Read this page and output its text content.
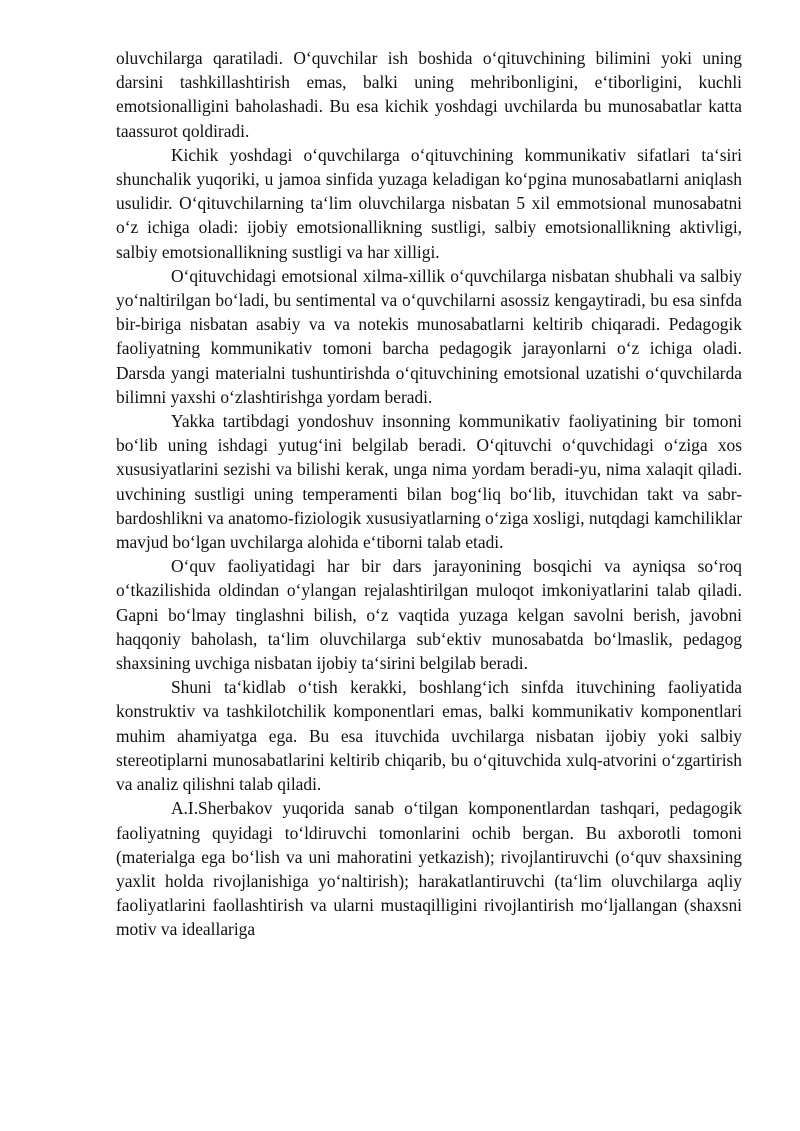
oluvchilarga qaratiladi. O‘quvchilar ish boshida o‘qituvchining bilimini yoki uning darsini tashkillashtirish emas, balki uning mehribonligini, e‘tiborligini, kuchli emotsionalligini baholashadi. Bu esa kichik yoshdagi uvchilarda bu munosabatlar katta taassurot qoldiradi.

Kichik yoshdagi o‘quvchilarga o‘qituvchining kommunikativ sifatlari ta‘siri shunchalik yuqoriki, u jamoa sinfida yuzaga keladigan ko‘pgina munosabatlarni aniqlash usulidir. O‘qituvchilarning ta‘lim oluvchilarga nisbatan 5 xil emmotsional munosabatni o‘z ichiga oladi: ijobiy emotsionallikning sustligi, salbiy emotsionallikning aktivligi, salbiy emotsionallikning sustligi va har xilligi.

O‘qituvchidagi emotsional xilma-xillik o‘quvchilarga nisbatan shubhali va salbiy yo‘naltirilgan bo‘ladi, bu sentimental va o‘quvchilarni asossiz kengaytiradi, bu esa sinfda bir-biriga nisbatan asabiy va va notekis munosabatlarni keltirib chiqaradi. Pedagogik faoliyatning kommunikativ tomoni barcha pedagogik jarayonlarni o‘z ichiga oladi. Darsda yangi materialni tushuntirishda o‘qituvchining emotsional uzatishi o‘quvchilarda bilimni yaxshi o‘zlashtirishga yordam beradi.

Yakka tartibdagi yondoshuv insonning kommunikativ faoliyatining bir tomoni bo‘lib uning ishdagi yutug‘ini belgilab beradi. O‘qituvchi o‘quvchidagi o‘ziga xos xususiyatlarini sezishi va bilishi kerak, unga nima yordam beradi-yu, nima xalaqit qiladi. uvchining sustligi uning temperamenti bilan bog‘liq bo‘lib, ituvchidan takt va sabr-bardoshlikni va anatomo-fiziologik xususiyatlarning o‘ziga xosligi, nutqdagi kamchiliklar mavjud bo‘lgan uvchilarga alohida e‘tiborni talab etadi.

O‘quv faoliyatidagi har bir dars jarayonining bosqichi va ayniqsa so‘roq o‘tkazilishida oldindan o‘ylangan rejalashtirilgan muloqot imkoniyatlarini talab qiladi. Gapni bo‘lmay tinglashni bilish, o‘z vaqtida yuzaga kelgan savolni berish, javobni haqqoniy baholash, ta‘lim oluvchilarga sub‘ektiv munosabatda bo‘lmaslik, pedagog shaxsining uvchiga nisbatan ijobiy ta‘sirini belgilab beradi.

Shuni ta‘kidlab o‘tish kerakki, boshlang‘ich sinfda ituvchining faoliyatida konstruktiv va tashkilotchilik komponentlari emas, balki kommunikativ komponentlari muhim ahamiyatga ega. Bu esa ituvchida uvchilarga nisbatan ijobiy yoki salbiy stereotiplarni munosabatlarini keltirib chiqarib, bu o‘qituvchida xulq-atvorini o‘zgartirish va analiz qilishni talab qiladi.

A.I.Sherbakov yuqorida sanab o‘tilgan komponentlardan tashqari, pedagogik faoliyatning quyidagi to‘ldiruvchi tomonlarini ochib bergan. Bu axborotli tomoni (materialga ega bo‘lish va uni mahoratini yetkazish); rivojlantiruvchi (o‘quv shaxsining yaxlit holda rivojlanishiga yo‘naltirish); harakatlantiruvchi (ta‘lim oluvchilarga aqliy faoliyatlarini faollashtirish va ularni mustaqilligini rivojlantirish mo‘ljallangan (shaxsni motiv va ideallariga
